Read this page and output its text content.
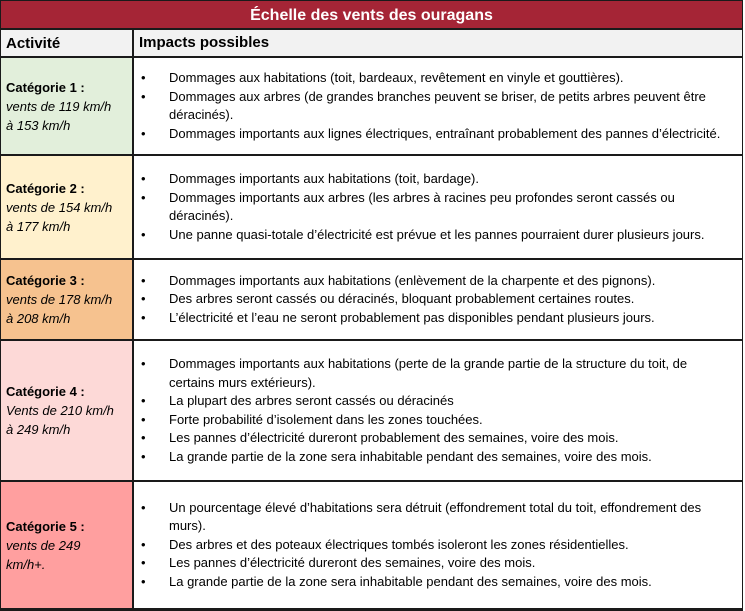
Échelle des vents des ouragans
Activité	Impacts possibles
Catégorie 1 :
vents de 119 km/h
à 153 km/h
• Dommages aux habitations (toit, bardeaux, revêtement en vinyle et gouttières).
• Dommages aux arbres (de grandes branches peuvent se briser, de petits arbres peuvent être déracinés).
• Dommages importants aux lignes électriques, entraînant probablement des pannes d’électricité.
Catégorie 2 :
vents de 154 km/h
à 177 km/h
• Dommages importants aux habitations (toit, bardage).
• Dommages importants aux arbres (les arbres à racines peu profondes seront cassés ou déracinés).
• Une panne quasi-totale d’électricité est prévue et les pannes pourraient durer plusieurs jours.
Catégorie 3 :
vents de 178 km/h
à 208 km/h
• Dommages importants aux habitations (enlèvement de la charpente et des pignons).
• Des arbres seront cassés ou déracinés, bloquant probablement certaines routes.
• L’électricité et l’eau ne seront probablement pas disponibles pendant plusieurs jours.
Catégorie 4 :
Vents de 210 km/h
à 249 km/h
• Dommages importants aux habitations (perte de la grande partie de la structure du toit, de certains murs extérieurs).
• La plupart des arbres seront cassés ou déracinés
• Forte probabilité d’isolement dans les zones touchées.
• Les pannes d’électricité dureront probablement des semaines, voire des mois.
• La grande partie de la zone sera inhabitable pendant des semaines, voire des mois.
Catégorie 5 :
vents de 249
km/h+.
• Un pourcentage élevé d’habitations sera détruit (effondrement total du toit, effondrement des murs).
• Des arbres et des poteaux électriques tombés isoleront les zones résidentielles.
• Les pannes d’électricité dureront des semaines, voire des mois.
• La grande partie de la zone sera inhabitable pendant des semaines, voire des mois.
